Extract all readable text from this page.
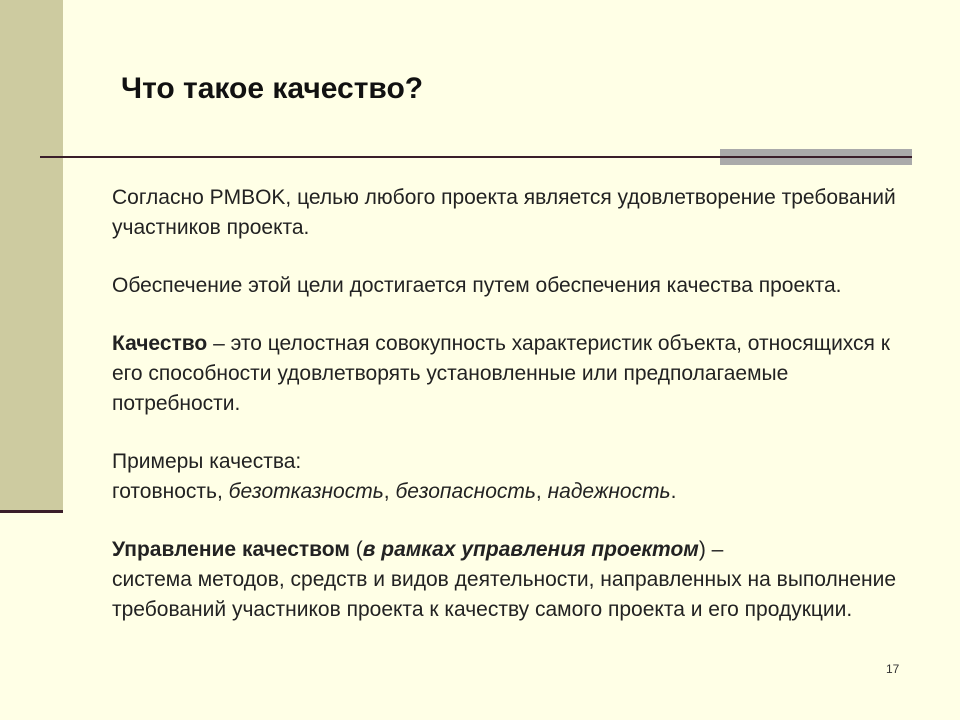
Что такое качество?

Согласно PMBOK, целью любого проекта является удовлетворение требований участников проекта.

Обеспечение этой цели достигается путем обеспечения качества проекта.

Качество – это целостная совокупность характеристик объекта, относящихся к его способности удовлетворять установленные или предполагаемые потребности.

Примеры качества:
готовность, безотказность, безопасность, надежность.

Управление качеством (в рамках управления проектом) –
система методов, средств и видов деятельности, направленных на выполнение требований участников проекта к качеству самого проекта и его продукции.

17
